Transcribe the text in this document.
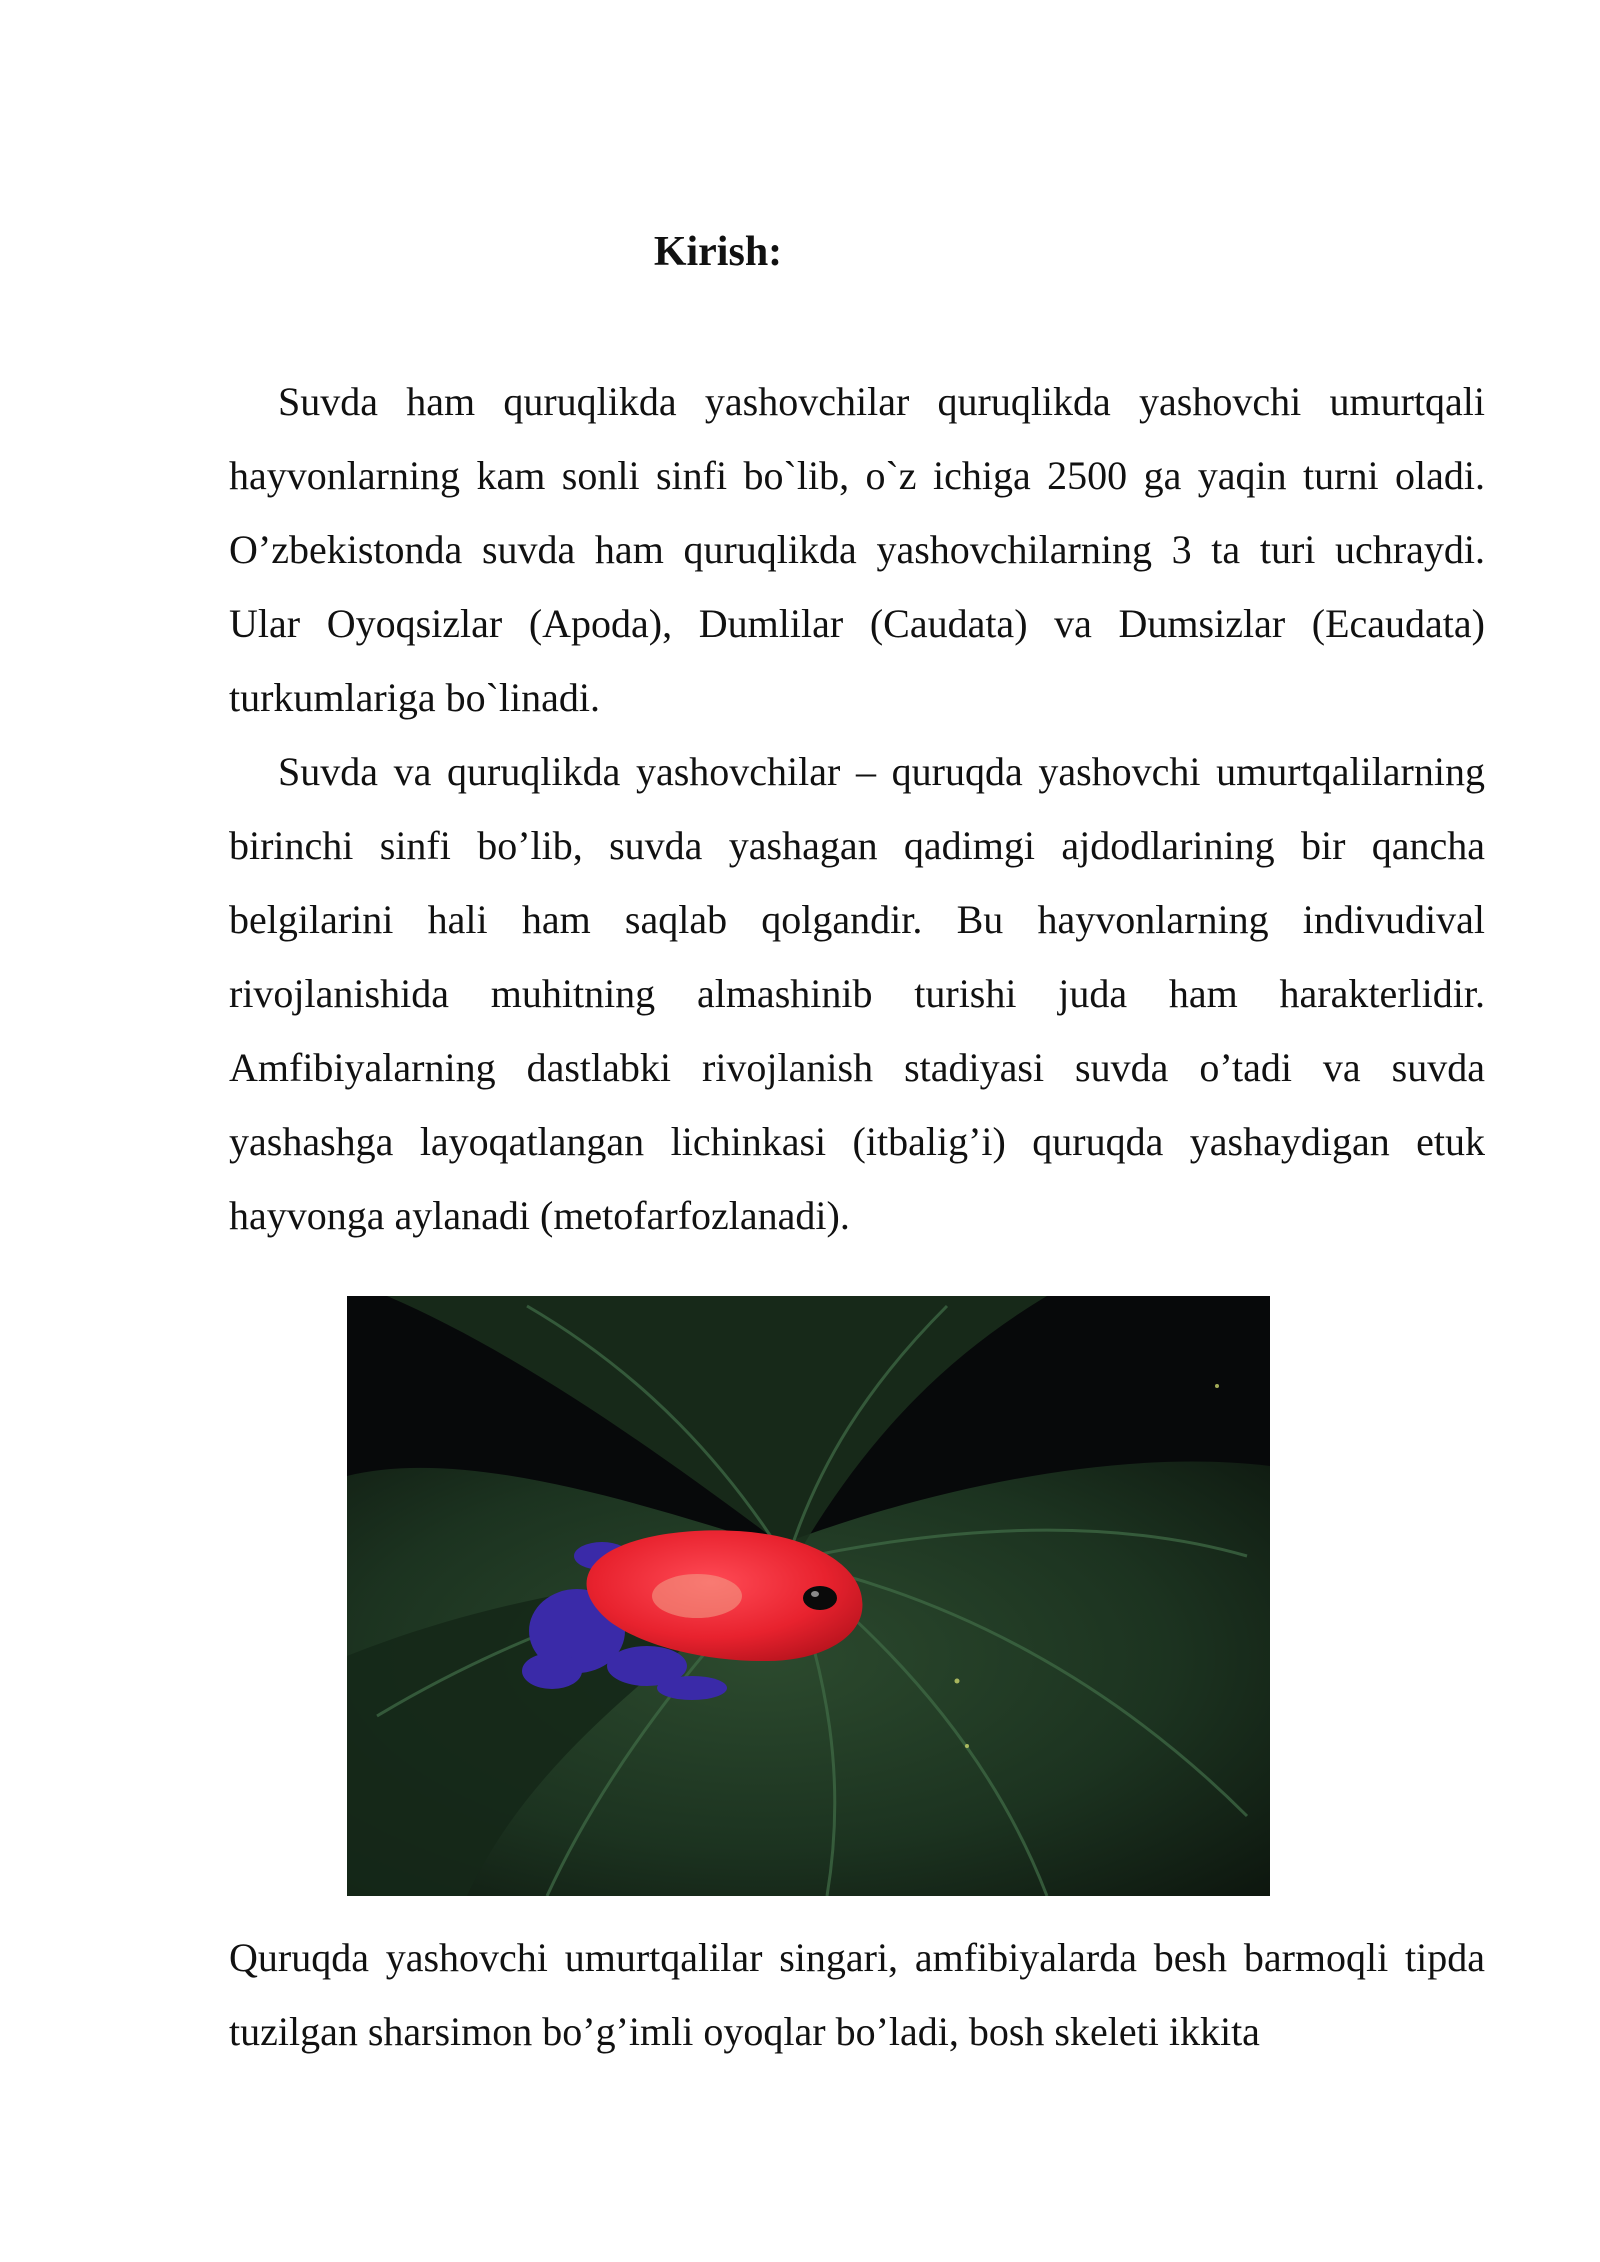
Kirish:

Suvda ham quruqlikda yashovchilar quruqlikda yashovchi umurtqali hayvonlarning kam sonli sinfi bo`lib, o`z ichiga 2500 ga yaqin turni oladi. O’zbekistonda suvda ham quruqlikda yashovchilarning 3 ta turi uchraydi. Ular Oyoqsizlar (Apoda), Dumlilar (Caudata) va Dumsizlar (Ecaudata) turkumlariga bo`linadi.

Suvda va quruqlikda yashovchilar – quruqda yashovchi umurtqalilarning birinchi sinfi bo’lib, suvda yashagan qadimgi ajdodlarining bir qancha belgilarini hali ham saqlab qolgandir. Bu hayvonlarning indivudival rivojlanishida muhitning almashinib turishi juda ham harakterlidir. Amfibiyalarning dastlabki rivojlanish stadiyasi suvda o’tadi va suvda yashashga layoqatlangan lichinkasi (itbalig’i) quruqda yashaydigan etuk hayvonga aylanadi (metofarfozlanadi).

Quruqda yashovchi umurtqalilar singari, amfibiyalarda besh barmoqli tipda tuzilgan sharsimon bo’g’imli oyoqlar bo’ladi, bosh skeleti ikkita
